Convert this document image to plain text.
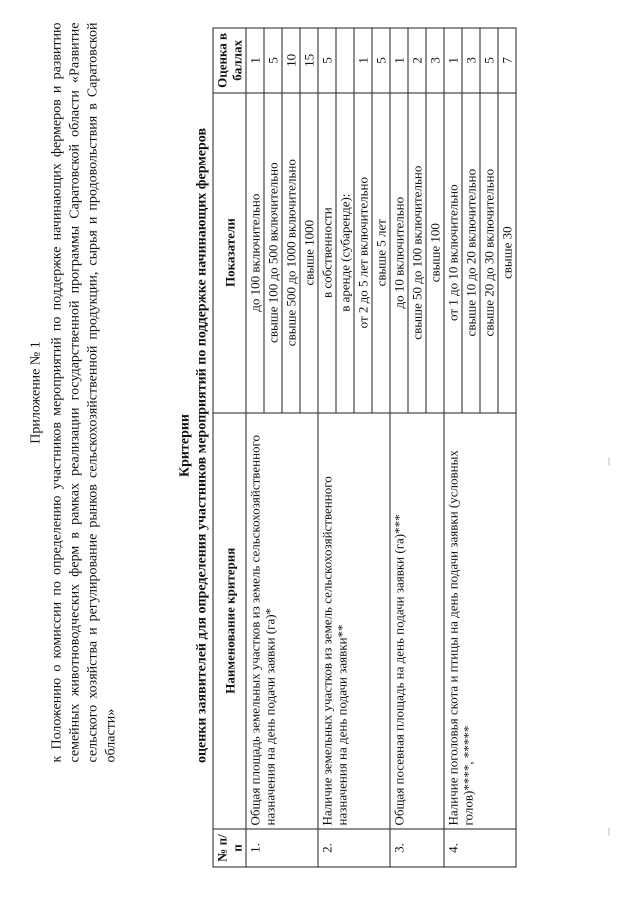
Приложение № 1 к Положению о комиссии по определению участников мероприятий по поддержке начинающих фермеров и развитию семейных животноводческих ферм в рамках реализации государственной программы Саратовской области «Развитие сельского хозяйства и регулирование рынков сельскохозяйственной продукции, сырья и продовольствия в Саратовской области»
Критерии оценки заявителей для определения участников мероприятий по поддержке начинающих фермеров
№ п/п	Наименование критерия	Показатели	Оценка в баллах
1.	Общая площадь земельных участков из земель сельскохозяйственного назначения на день подачи заявки (га)*	до 100 включительно	1
		свыше 100 до 500 включительно	5
		свыше 500 до 1000 включительно	10
		свыше 1000	15
2.	Наличие земельных участков из земель сельскохозяйственного назначения на день подачи заявки**	в собственности	5
		в аренде (субаренде):	
		от 2 до 5 лет включительно	1
		свыше 5 лет	5
3.	Общая посевная площадь на день подачи заявки (га)***	до 10 включительно	1
		свыше 50 до 100 включительно	2
		свыше 100	3
4.	Наличие поголовья скота и птицы на день подачи заявки (условных голов)****, *****	от 1 до 10 включительно	1
		свыше 10 до 20 включительно	3
		свыше 20 до 30 включительно	5
		свыше 30	7
